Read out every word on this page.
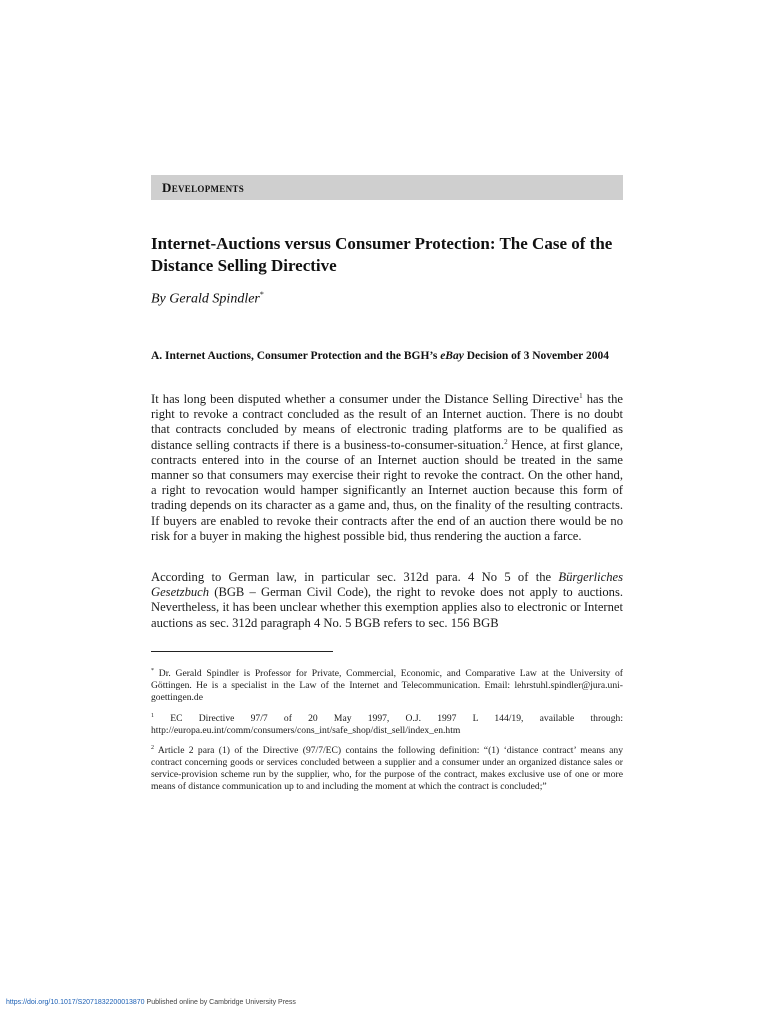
Developments
Internet-Auctions versus Consumer Protection: The Case of the Distance Selling Directive
By Gerald Spindler*
A. Internet Auctions, Consumer Protection and the BGH’s eBay Decision of 3 November 2004

It has long been disputed whether a consumer under the Distance Selling Directive$^1$ has the right to revoke a contract concluded as the result of an Internet auction. There is no doubt that contracts concluded by means of electronic trading platforms are to be qualified as distance selling contracts if there is a business-to-consumer-situation.$^2$ Hence, at first glance, contracts entered into in the course of an Internet auction should be treated in the same manner so that consumers may exercise their right to revoke the contract. On the other hand, a right to revocation would hamper significantly an Internet auction because this form of trading depends on its character as a game and, thus, on the finality of the resulting contracts. If buyers are enabled to revoke their contracts after the end of an auction there would be no risk for a buyer in making the highest possible bid, thus rendering the auction a farce.

According to German law, in particular sec. 312d para. 4 No 5 of the Bürgerliches Gesetzbuch (BGB – German Civil Code), the right to revoke does not apply to auctions. Nevertheless, it has been unclear whether this exemption applies also to electronic or Internet auctions as sec. 312d paragraph 4 No. 5 BGB refers to sec. 156 BGB

* Dr. Gerald Spindler is Professor for Private, Commercial, Economic, and Comparative Law at the University of Göttingen. He is a specialist in the Law of the Internet and Telecommunication. Email: lehrstuhl.spindler@jura.uni-goettingen.de

$^1$ EC Directive 97/7 of 20 May 1997, O.J. 1997 L 144/19, available through: http://europa.eu.int/comm/consumers/cons_int/safe_shop/dist_sell/index_en.htm

$^2$ Article 2 para (1) of the Directive (97/7/EC) contains the following definition: “(1) ‘distance contract’ means any contract concerning goods or services concluded between a supplier and a consumer under an organized distance sales or service-provision scheme run by the supplier, who, for the purpose of the contract, makes exclusive use of one or more means of distance communication up to and including the moment at which the contract is concluded;”

https://doi.org/10.1017/S2071832200013870 Published online by Cambridge University Press
